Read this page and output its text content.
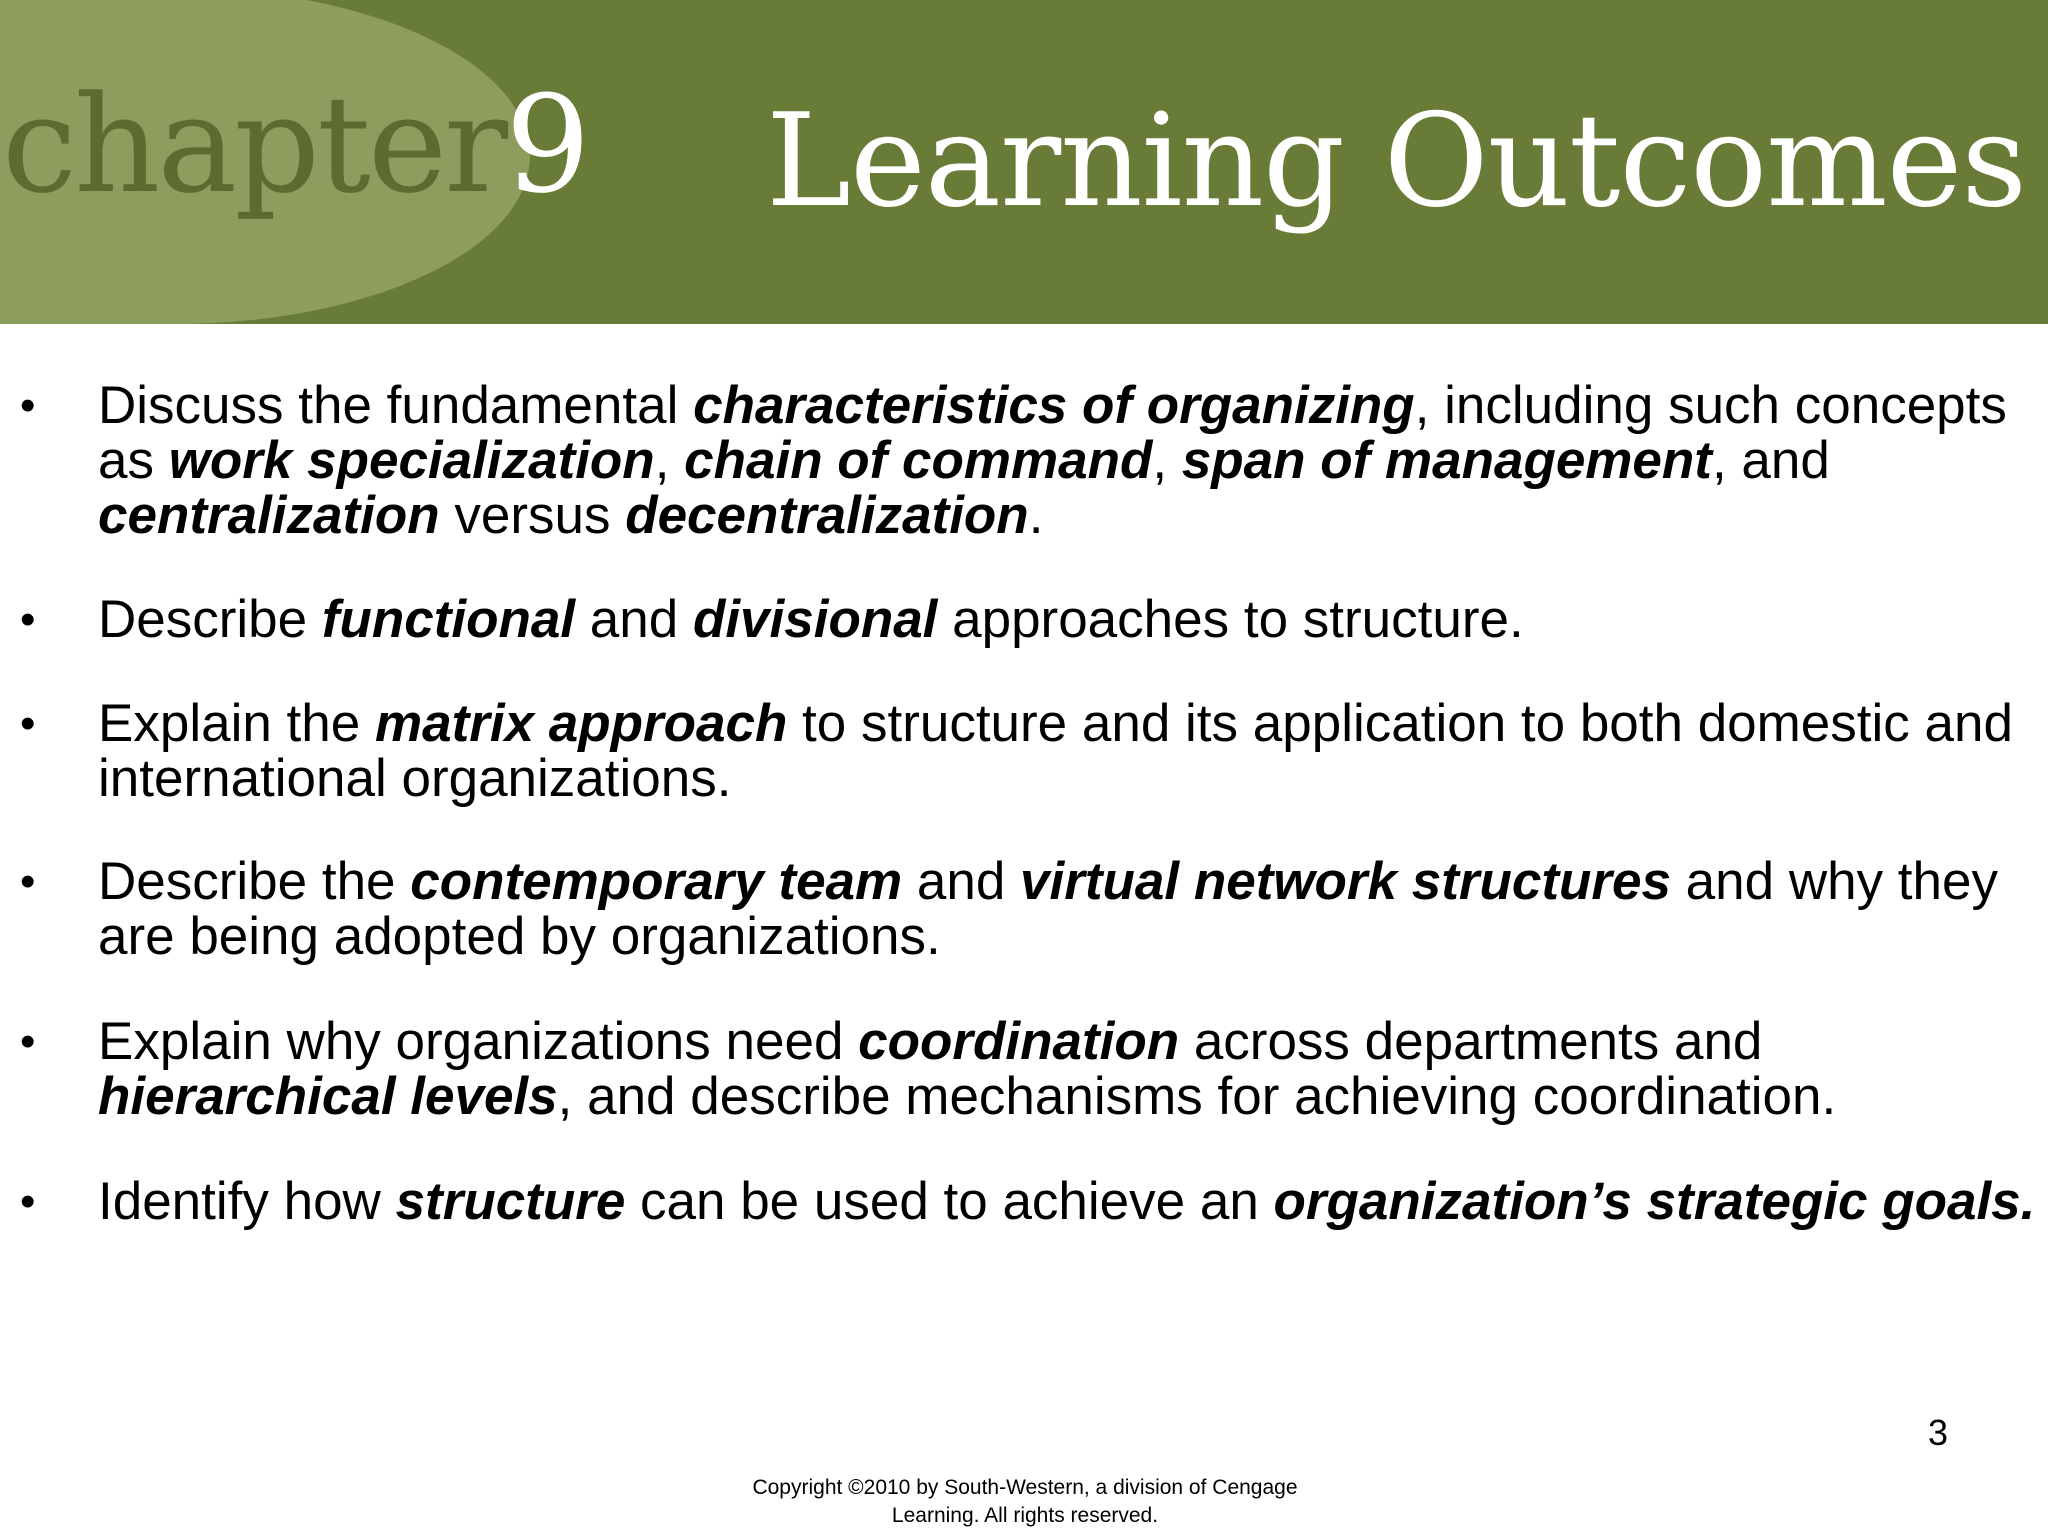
chapter9 Learning Outcomes
• Discuss the fundamental characteristics of organizing, including such concepts as work specialization, chain of command, span of management, and centralization versus decentralization.
• Describe functional and divisional approaches to structure.
• Explain the matrix approach to structure and its application to both domestic and international organizations.
• Describe the contemporary team and virtual network structures and why they are being adopted by organizations.
• Explain why organizations need coordination across departments and hierarchical levels, and describe mechanisms for achieving coordination.
• Identify how structure can be used to achieve an organization’s strategic goals.
3
Copyright ©2010 by South-Western, a division of Cengage
Learning. All rights reserved.
